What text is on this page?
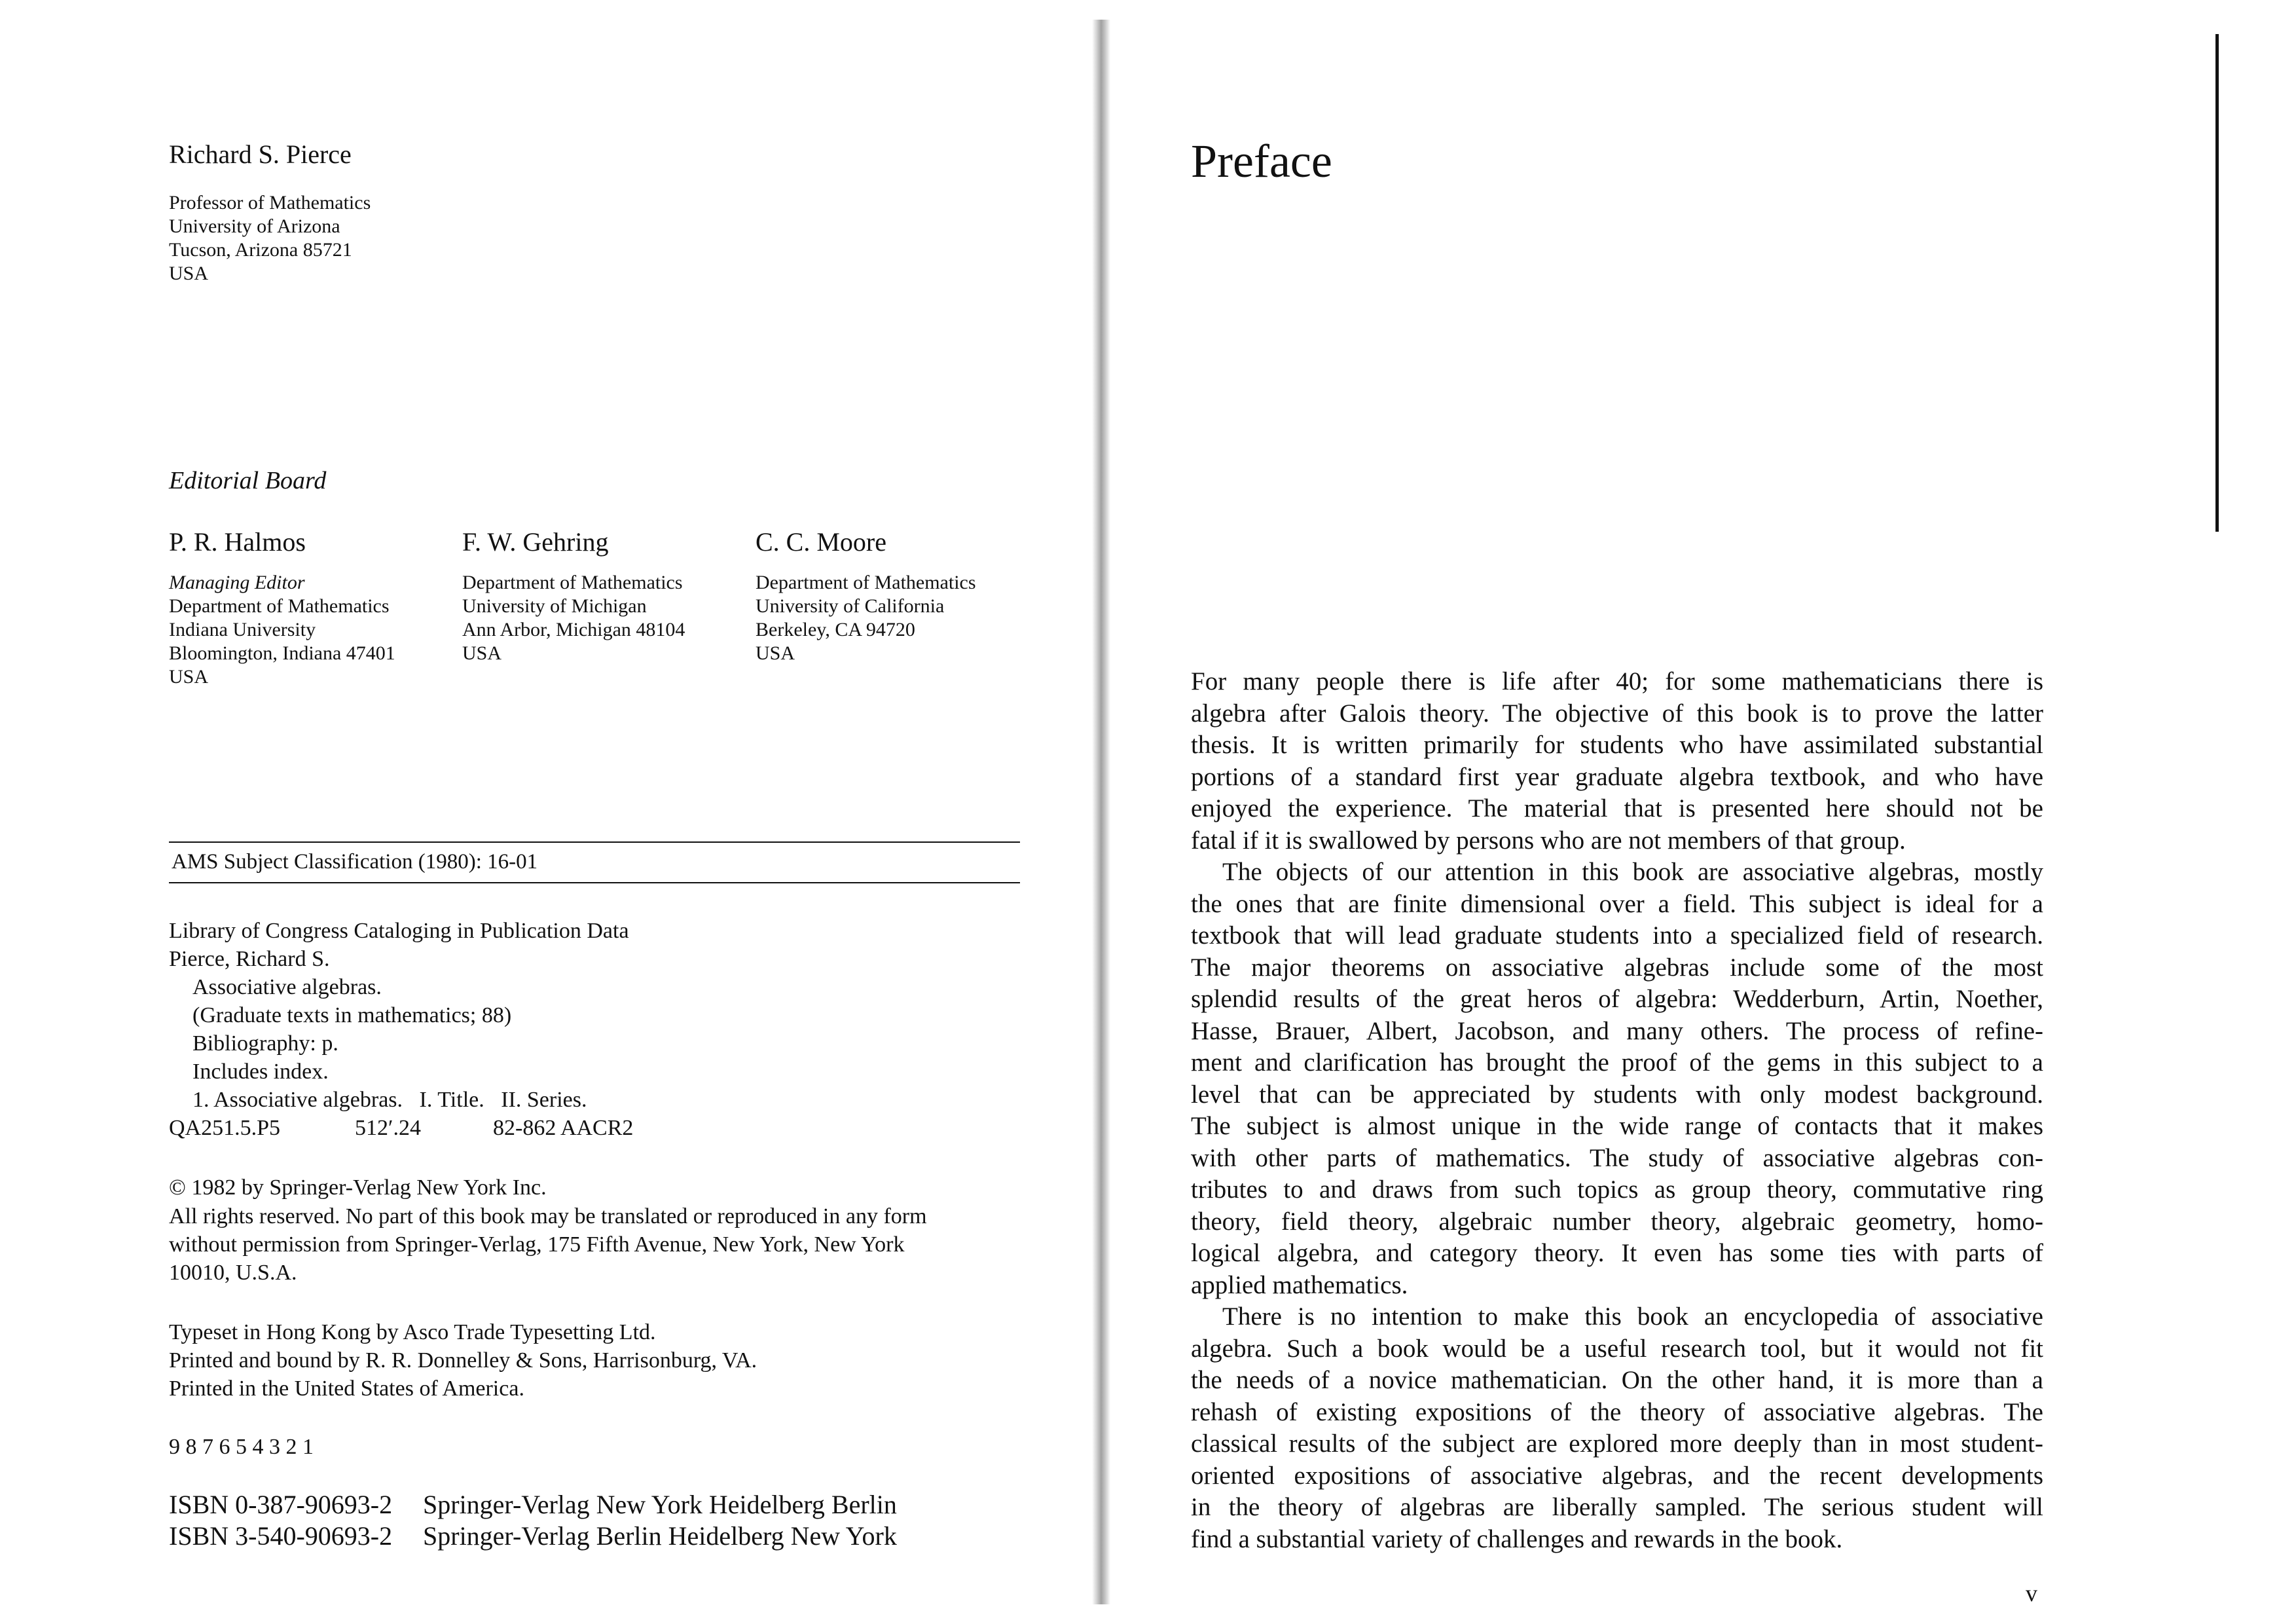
Richard S. Pierce

Professor of Mathematics

University of Arizona

Tucson, Arizona 85721

USA

Editorial Board

P. R. Halmos
Managing Editor
Department of Mathematics
Indiana University
Bloomington, Indiana 47401
USA
F. W. Gehring
Department of Mathematics
University of Michigan
Ann Arbor, Michigan 48104
USA
C. C. Moore
Department of Mathematics
University of California
Berkeley, CA 94720
USA

AMS Subject Classification (1980): 16-01

Library of Congress Cataloging in Publication Data

Pierce, Richard S.

Associative algebras.

(Graduate texts in mathematics; 88)

Bibliography: p.

Includes index.

1. Associative algebras.   I. Title.   II. Series.

QA251.5.P5	512′.24	82-862 AACR2

© 1982 by Springer-Verlag New York Inc.

All rights reserved. No part of this book may be translated or reproduced in any form

without permission from Springer-Verlag, 175 Fifth Avenue, New York, New York

10010, U.S.A.

Typeset in Hong Kong by Asco Trade Typesetting Ltd.

Printed and bound by R. R. Donnelley & Sons, Harrisonburg, VA.

Printed in the United States of America.

9 8 7 6 5 4 3 2 1

ISBN 0-387-90693-2 Springer-Verlag New York Heidelberg Berlin

ISBN 3-540-90693-2 Springer-Verlag Berlin Heidelberg New York

Preface

For many people there is life after 40; for some mathematicians there is
algebra after Galois theory. The objective of this book is to prove the latter
thesis. It is written primarily for students who have assimilated substantial
portions of a standard first year graduate algebra textbook, and who have
enjoyed the experience. The material that is presented here should not be
fatal if it is swallowed by persons who are not members of that group.
The objects of our attention in this book are associative algebras, mostly
the ones that are finite dimensional over a field. This subject is ideal for a
textbook that will lead graduate students into a specialized field of research.
The major theorems on associative algebras include some of the most
splendid results of the great heros of algebra: Wedderburn, Artin, Noether,
Hasse, Brauer, Albert, Jacobson, and many others. The process of refine-
ment and clarification has brought the proof of the gems in this subject to a
level that can be appreciated by students with only modest background.
The subject is almost unique in the wide range of contacts that it makes
with other parts of mathematics. The study of associative algebras con-
tributes to and draws from such topics as group theory, commutative ring
theory, field theory, algebraic number theory, algebraic geometry, homo-
logical algebra, and category theory. It even has some ties with parts of
applied mathematics.
There is no intention to make this book an encyclopedia of associative
algebra. Such a book would be a useful research tool, but it would not fit
the needs of a novice mathematician. On the other hand, it is more than a
rehash of existing expositions of the theory of associative algebras. The
classical results of the subject are explored more deeply than in most student-
oriented expositions of associative algebras, and the recent developments
in the theory of algebras are liberally sampled. The serious student will
find a substantial variety of challenges and rewards in the book.

v
